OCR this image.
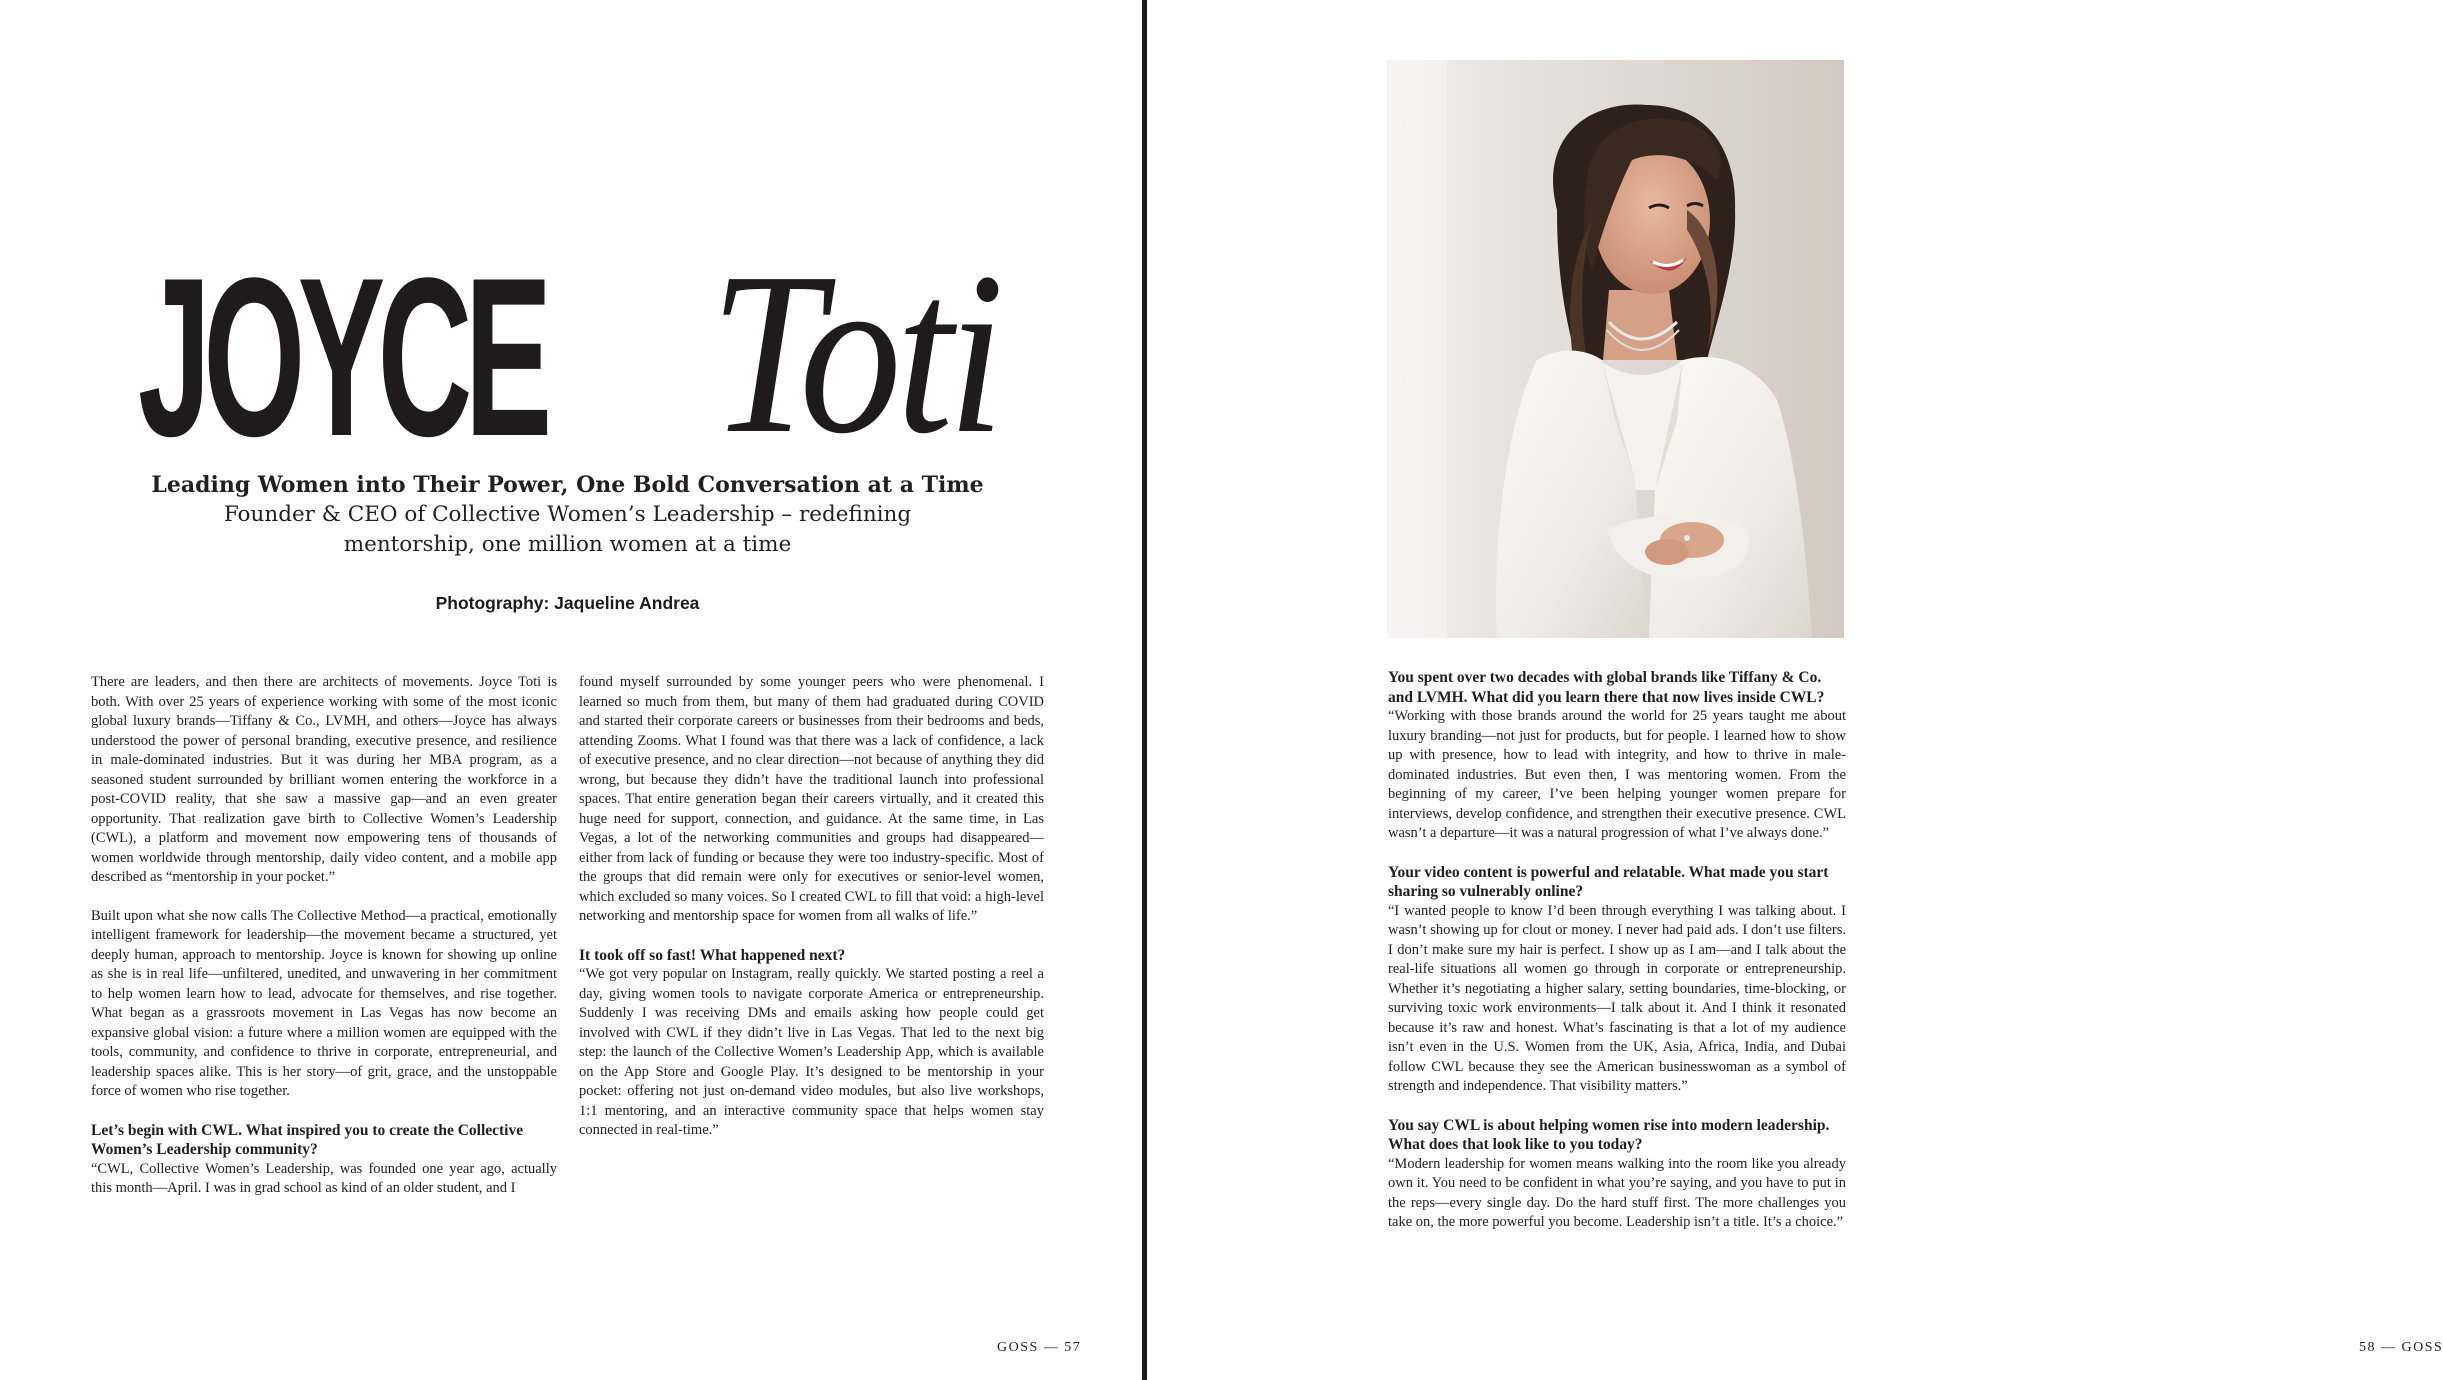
JOYCE Toti

Leading Women into Their Power, One Bold Conversation at a Time

Founder & CEO of Collective Women’s Leadership – redefining

mentorship, one million women at a time

Photography: Jaqueline Andrea

There are leaders, and then there are architects of movements. Joyce Toti is both. With over 25 years of experience working with some of the most iconic global luxury brands—Tiffany & Co., LVMH, and others—Joyce has always understood the power of personal branding, executive presence, and resilience in male-dominated industries. But it was during her MBA program, as a seasoned student surrounded by brilliant women entering the workforce in a post-COVID reality, that she saw a massive gap—and an even greater opportunity. That realization gave birth to Collective Women’s Leadership (CWL), a platform and movement now empowering tens of thousands of women worldwide through mentorship, daily video content, and a mobile app described as “mentorship in your pocket.”

Built upon what she now calls The Collective Method—a practical, emotionally intelligent framework for leadership—the movement became a structured, yet deeply human, approach to mentorship. Joyce is known for showing up online as she is in real life—unfiltered, unedited, and unwavering in her commitment to help women learn how to lead, advocate for themselves, and rise together. What began as a grassroots movement in Las Vegas has now become an expansive global vision: a future where a million women are equipped with the tools, community, and confidence to thrive in corporate, entrepreneurial, and leadership spaces alike. This is her story—of grit, grace, and the unstoppable force of women who rise together.

Let’s begin with CWL. What inspired you to create the Collective Women’s Leadership community?

“CWL, Collective Women’s Leadership, was founded one year ago, actually this month—April. I was in grad school as kind of an older student, and I

found myself surrounded by some younger peers who were phenomenal. I learned so much from them, but many of them had graduated during COVID and started their corporate careers or businesses from their bedrooms and beds, attending Zooms. What I found was that there was a lack of confidence, a lack of executive presence, and no clear direction—not because of anything they did wrong, but because they didn’t have the traditional launch into professional spaces. That entire generation began their careers virtually, and it created this huge need for support, connection, and guidance. At the same time, in Las Vegas, a lot of the networking communities and groups had disappeared—either from lack of funding or because they were too industry-specific. Most of the groups that did remain were only for executives or senior-level women, which excluded so many voices. So I created CWL to fill that void: a high-level networking and mentorship space for women from all walks of life.”

It took off so fast! What happened next?

“We got very popular on Instagram, really quickly. We started posting a reel a day, giving women tools to navigate corporate America or entrepreneurship. Suddenly I was receiving DMs and emails asking how people could get involved with CWL if they didn’t live in Las Vegas. That led to the next big step: the launch of the Collective Women’s Leadership App, which is available on the App Store and Google Play. It’s designed to be mentorship in your pocket: offering not just on-demand video modules, but also live workshops, 1:1 mentoring, and an interactive community space that helps women stay connected in real-time.”

GOSS — 57	58 — GOSS

You spent over two decades with global brands like Tiffany & Co. and LVMH. What did you learn there that now lives inside CWL?

“Working with those brands around the world for 25 years taught me about luxury branding—not just for products, but for people. I learned how to show up with presence, how to lead with integrity, and how to thrive in male-dominated industries. But even then, I was mentoring women. From the beginning of my career, I’ve been helping younger women prepare for interviews, develop confidence, and strengthen their executive presence. CWL wasn’t a departure—it was a natural progression of what I’ve always done.”

Your video content is powerful and relatable. What made you start sharing so vulnerably online?

“I wanted people to know I’d been through everything I was talking about. I wasn’t showing up for clout or money. I never had paid ads. I don’t use filters. I don’t make sure my hair is perfect. I show up as I am—and I talk about the real-life situations all women go through in corporate or entrepreneurship. Whether it’s negotiating a higher salary, setting boundaries, time-blocking, or surviving toxic work environments—I talk about it. And I think it resonated because it’s raw and honest. What’s fascinating is that a lot of my audience isn’t even in the U.S. Women from the UK, Asia, Africa, India, and Dubai follow CWL because they see the American businesswoman as a symbol of strength and independence. That visibility matters.”

You say CWL is about helping women rise into modern leadership. What does that look like to you today?

“Modern leadership for women means walking into the room like you already own it. You need to be confident in what you’re saying, and you have to put in the reps—every single day. Do the hard stuff first. The more challenges you take on, the more powerful you become. Leadership isn’t a title. It’s a choice.”
